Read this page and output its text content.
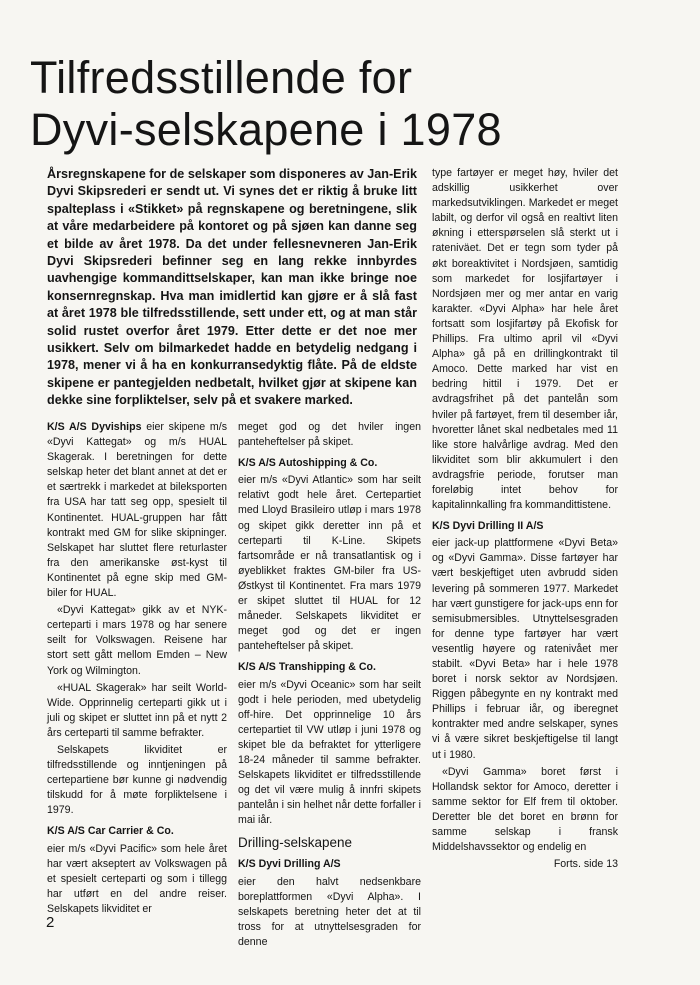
Tilfredsstillende for
Dyvi-selskapene i 1978

Årsregnskapene for de selskaper som disponeres av Jan-Erik Dyvi Skipsrederi er sendt ut. Vi synes det er riktig å bruke litt spalteplass i «Stikket» på regnskapene og beretningene, slik at våre medarbeidere på kontoret og på sjøen kan danne seg et bilde av året 1978. Da det under fellesnevneren Jan-Erik Dyvi Skipsrederi befinner seg en lang rekke innbyrdes uavhengige kommandittselskaper, kan man ikke bringe noe konsernregnskap. Hva man imidlertid kan gjøre er å slå fast at året 1978 ble tilfredsstillende, sett under ett, og at man står solid rustet overfor året 1979. Etter dette er det noe mer usikkert. Selv om bilmarkedet hadde en betydelig nedgang i 1978, mener vi å ha en konkurransedyktig flåte. På de eldste skipene er pantegjelden nedbetalt, hvilket gjør at skipene kan dekke sine forpliktelser, selv på et svakere marked.

K/S A/S Dyviships eier skipene m/s «Dyvi Kattegat» og m/s HUAL Skagerak. I beretningen for dette selskap heter det blant annet at det er et særtrekk i markedet at bileksporten fra USA har tatt seg opp, spesielt til Kontinentet. HUAL-gruppen har fått kontrakt med GM for slike skipninger. Selskapet har sluttet flere returlaster fra den amerikanske øst-kyst til Kontinentet på egne skip med GM-biler for HUAL.

«Dyvi Kattegat» gikk av et NYK-certeparti i mars 1978 og har senere seilt for Volkswagen. Reisene har stort sett gått mellom Emden – New York og Wilmington.

«HUAL Skagerak» har seilt World-Wide. Opprinnelig certeparti gikk ut i juli og skipet er sluttet inn på et nytt 2 års certeparti til samme befrakter.

Selskapets likviditet er tilfredsstillende og inntjeningen på certepartiene bør kunne gi nødvendig tilskudd for å møte forpliktelsene i 1979.

K/S A/S Car Carrier & Co.

eier m/s «Dyvi Pacific» som hele året har vært akseptert av Volkswagen på et spesielt certeparti og som i tillegg har utført en del andre reiser. Selskapets likviditet er

meget god og det hviler ingen panteheftelser på skipet.

K/S A/S Autoshipping & Co.

eier m/s «Dyvi Atlantic» som har seilt relativt godt hele året. Certepartiet med Lloyd Brasileiro utløp i mars 1978 og skipet gikk deretter inn på et certeparti til K-Line. Skipets fartsområde er nå transatlantisk og i øyeblikket fraktes GM-biler fra US-Østkyst til Kontinentet. Fra mars 1979 er skipet sluttet til HUAL for 12 måneder. Selskapets likviditet er meget god og det er ingen panteheftelser på skipet.

K/S A/S Transhipping & Co.

eier m/s «Dyvi Oceanic» som har seilt godt i hele perioden, med ubetydelig off-hire. Det opprinnelige 10 års certepartiet til VW utløp i juni 1978 og skipet ble da befraktet for ytterligere 18-24 måneder til samme befrakter. Selskapets likviditet er tilfredsstillende og det vil være mulig å innfri skipets pantelån i sin helhet når dette forfaller i mai iår.

Drilling-selskapene

K/S Dyvi Drilling A/S

eier den halvt nedsenkbare boreplattformen «Dyvi Alpha». I selskapets beretning heter det at til tross for at utnyttelsesgraden for denne

type fartøyer er meget høy, hviler det adskillig usikkerhet over markedsutviklingen. Markedet er meget labilt, og derfor vil også en realtivt liten økning i etterspørselen slå sterkt ut i rateniväet. Det er tegn som tyder på økt boreaktivitet i Nordsjøen, samtidig som markedet for losjifartøyer i Nordsjøen mer og mer antar en varig karakter. «Dyvi Alpha» har hele året fortsatt som losjifartøy på Ekofisk for Phillips. Fra ultimo april vil «Dyvi Alpha» gå på en drillingkontrakt til Amoco. Dette marked har vist en bedring hittil i 1979. Det er avdragsfrihet på det pantelån som hviler på fartøyet, frem til desember iår, hvoretter lånet skal nedbetales med 11 like store halvårlige avdrag. Med den likviditet som blir akkumulert i den avdragsfrie periode, forutser man foreløbig intet behov for kapitalinnkalling fra kommandittistene.

K/S Dyvi Drilling II A/S

eier jack-up plattformene «Dyvi Beta» og «Dyvi Gamma». Disse fartøyer har vært beskjeftiget uten avbrudd siden levering på sommeren 1977. Markedet har vært gunstigere for jack-ups enn for semisubmersibles. Utnyttelsesgraden for denne type fartøyer har vært vesentlig høyere og ratenivået mer stabilt. «Dyvi Beta» har i hele 1978 boret i norsk sektor av Nordsjøen. Riggen påbegynte en ny kontrakt med Phillips i februar iår, og iberegnet kontrakter med andre selskaper, synes vi å være sikret beskjeftigelse til langt ut i 1980.

«Dyvi Gamma» boret først i Hollandsk sektor for Amoco, deretter i samme sektor for Elf frem til oktober. Deretter ble det boret en brønn for samme selskap i fransk Middelshavssektor og endelig en

Forts. side 13

2
